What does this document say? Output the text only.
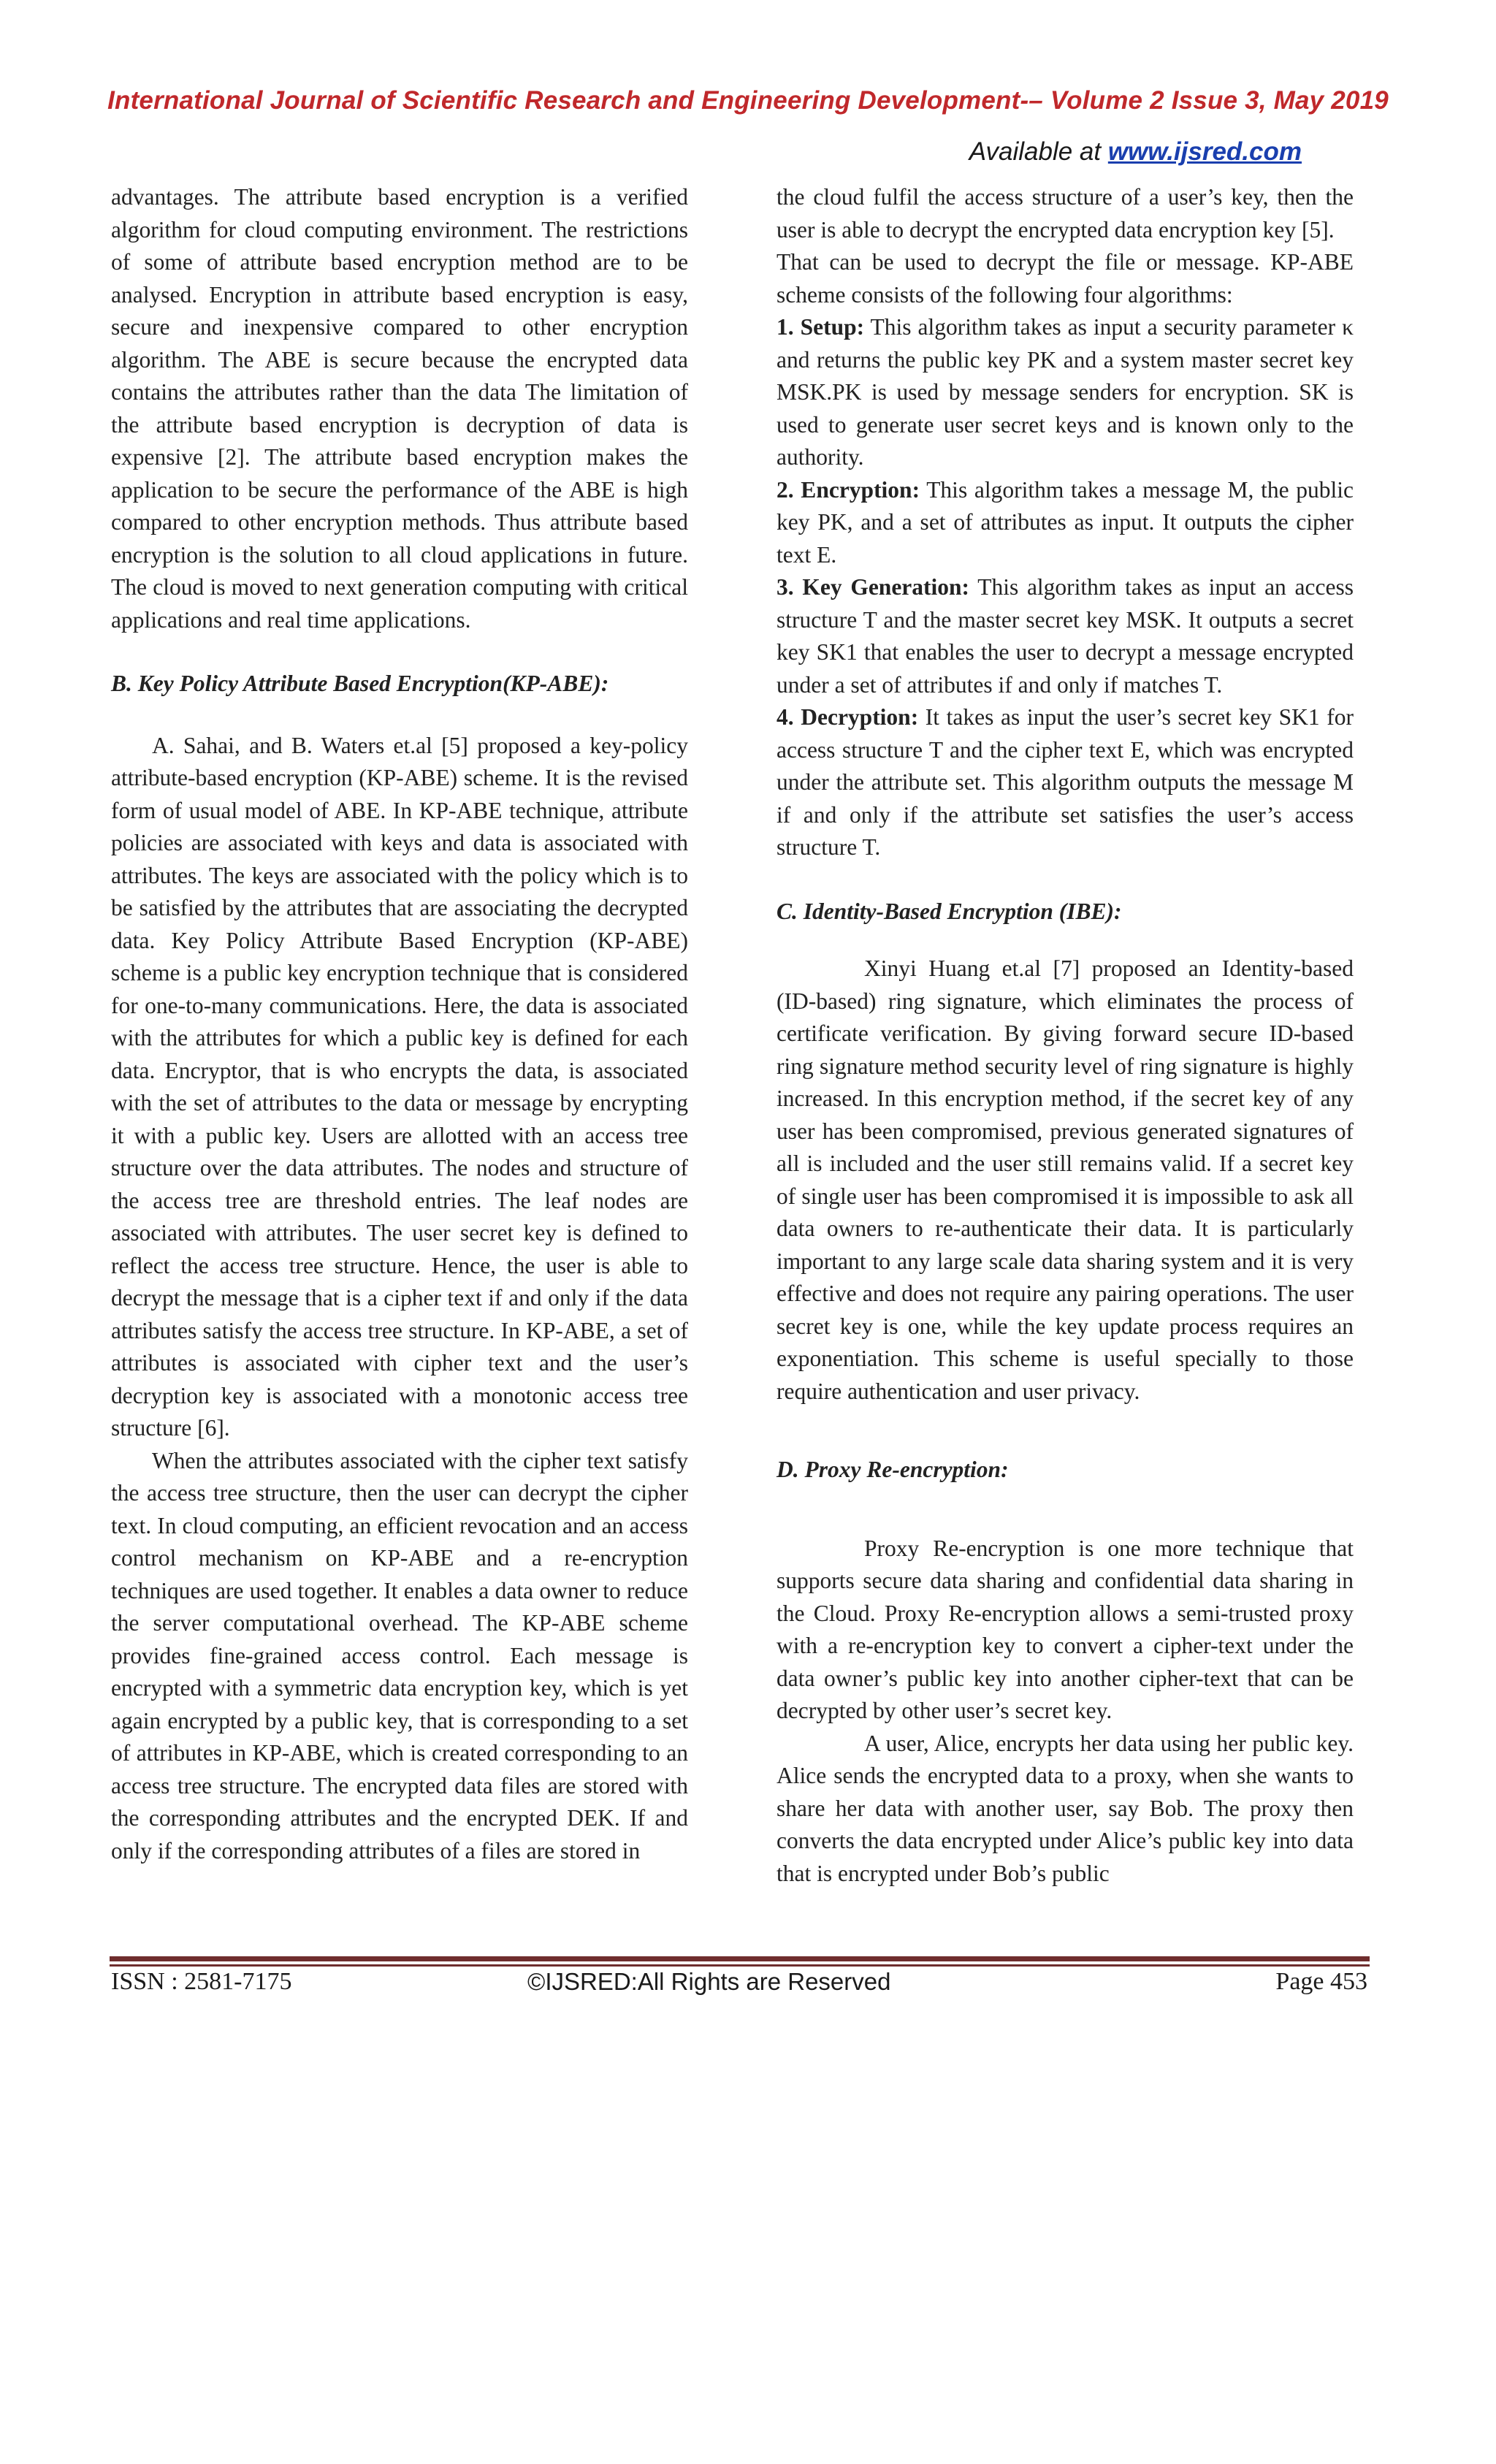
International Journal of Scientific Research and Engineering Development-– Volume 2 Issue 3, May 2019
Available at www.ijsred.com

advantages. The attribute based encryption is a verified algorithm for cloud computing environment. The restrictions of some of attribute based encryption method are to be analysed. Encryption in attribute based encryption is easy, secure and inexpensive compared to other encryption algorithm. The ABE is secure because the encrypted data contains the attributes rather than the data The limitation of the attribute based encryption is decryption of data is expensive [2]. The attribute based encryption makes the application to be secure the performance of the ABE is high compared to other encryption methods. Thus attribute based encryption is the solution to all cloud applications in future. The cloud is moved to next generation computing with critical applications and real time applications.

B. Key Policy Attribute Based Encryption(KP-ABE):

A. Sahai, and B. Waters et.al [5] proposed a key-policy attribute-based encryption (KP-ABE) scheme. It is the revised form of usual model of ABE. In KP-ABE technique, attribute policies are associated with keys and data is associated with attributes. The keys are associated with the policy which is to be satisfied by the attributes that are associating the decrypted data. Key Policy Attribute Based Encryption (KP-ABE) scheme is a public key encryption technique that is considered for one-to-many communications. Here, the data is associated with the attributes for which a public key is defined for each data. Encryptor, that is who encrypts the data, is associated with the set of attributes to the data or message by encrypting it with a public key. Users are allotted with an access tree structure over the data attributes. The nodes and structure of the access tree are threshold entries. The leaf nodes are associated with attributes. The user secret key is defined to reflect the access tree structure. Hence, the user is able to decrypt the message that is a cipher text if and only if the data attributes satisfy the access tree structure. In KP-ABE, a set of attributes is associated with cipher text and the user’s decryption key is associated with a monotonic access tree structure [6].

When the attributes associated with the cipher text satisfy the access tree structure, then the user can decrypt the cipher text. In cloud computing, an efficient revocation and an access control mechanism on KP-ABE and a re-encryption techniques are used together. It enables a data owner to reduce the server computational overhead. The KP-ABE scheme provides fine-grained access control. Each message is encrypted with a symmetric data encryption key, which is yet again encrypted by a public key, that is corresponding to a set of attributes in KP-ABE, which is created corresponding to an access tree structure. The encrypted data files are stored with the corresponding attributes and the encrypted DEK. If and only if the corresponding attributes of a files are stored in

the cloud fulfil the access structure of a user’s key, then the user is able to decrypt the encrypted data encryption key [5].

That can be used to decrypt the file or message. KP-ABE scheme consists of the following four algorithms:

1. Setup: This algorithm takes as input a security parameter κ and returns the public key PK and a system master secret key MSK.PK is used by message senders for encryption. SK is used to generate user secret keys and is known only to the authority.

2. Encryption: This algorithm takes a message M, the public key PK, and a set of attributes as input. It outputs the cipher text E.

3. Key Generation: This algorithm takes as input an access structure T and the master secret key MSK. It outputs a secret key SK1 that enables the user to decrypt a message encrypted under a set of attributes if and only if matches T.

4. Decryption: It takes as input the user’s secret key SK1 for access structure T and the cipher text E, which was encrypted under the attribute set. This algorithm outputs the message M if and only if the attribute set satisfies the user’s access structure T.

C. Identity-Based Encryption (IBE):

Xinyi Huang et.al [7] proposed an Identity-based (ID-based) ring signature, which eliminates the process of certificate verification. By giving forward secure ID-based ring signature method security level of ring signature is highly increased. In this encryption method, if the secret key of any user has been compromised, previous generated signatures of all is included and the user still remains valid. If a secret key of single user has been compromised it is impossible to ask all data owners to re-authenticate their data. It is particularly important to any large scale data sharing system and it is very effective and does not require any pairing operations. The user secret key is one, while the key update process requires an exponentiation. This scheme is useful specially to those require authentication and user privacy.

D. Proxy Re-encryption:

Proxy Re-encryption is one more technique that supports secure data sharing and confidential data sharing in the Cloud. Proxy Re-encryption allows a semi-trusted proxy with a re-encryption key to convert a cipher-text under the data owner’s public key into another cipher-text that can be decrypted by other user’s secret key.

A user, Alice, encrypts her data using her public key. Alice sends the encrypted data to a proxy, when she wants to share her data with another user, say Bob. The proxy then converts the data encrypted under Alice’s public key into data that is encrypted under Bob’s public

ISSN : 2581-7175	©IJSRED:All Rights are Reserved	Page 453
